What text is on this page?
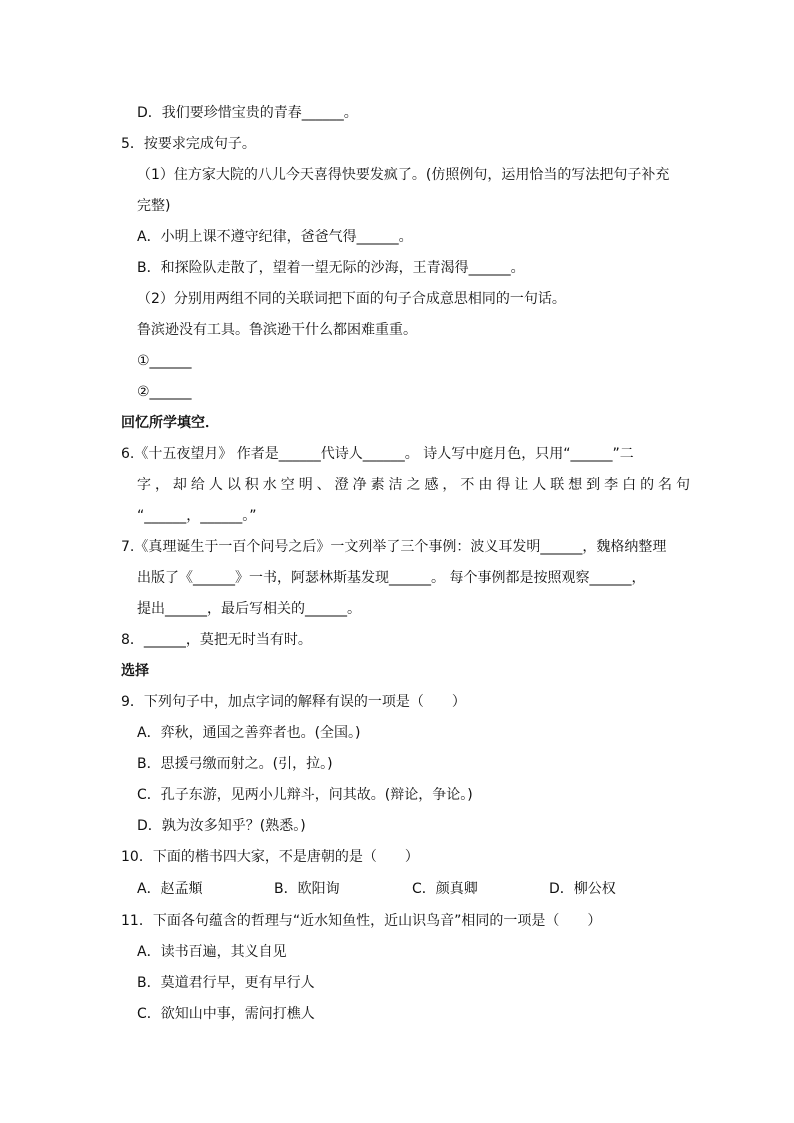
D．我们要珍惜宝贵的青春______。
5．按要求完成句子。
（1）住方家大院的八儿今天喜得快要发疯了。(仿照例句，运用恰当的写法把句子补充
完整)
A．小明上课不遵守纪律，爸爸气得______。
B．和探险队走散了，望着一望无际的沙海，王青渴得______。
（2）分别用两组不同的关联词把下面的句子合成意思相同的一句话。
鲁滨逊没有工具。鲁滨逊干什么都困难重重。
①______
②______
回忆所学填空．
6.《十五夜望月》 作者是______代诗人______。 诗人写中庭月色，只用“______”二
字，却给人以积水空明、澄净素洁之感，不由得让人联想到李白的名句
“______，______。”
7.《真理诞生于一百个问号之后》一文列举了三个事例：波义耳发明______，魏格纳整理
出版了《______》一书，阿瑟林斯基发现______。 每个事例都是按照观察______，
提出______，最后写相关的______。
8．______，莫把无时当有时。
选择
9．下列句子中，加点字词的解释有误的一项是（　　）
A．弈秋，通国之善弈者也。(全国。)
B．思援弓缴而射之。(引，拉。)
C．孔子东游，见两小儿辩斗，问其故。(辩论，争论。)
D．孰为汝多知乎？(熟悉。)
10．下面的楷书四大家，不是唐朝的是（　　）
A．赵孟頫	B．欧阳询	C．颜真卿	D．柳公权
11．下面各句蕴含的哲理与“近水知鱼性，近山识鸟音”相同的一项是（　　）
A．读书百遍，其义自见
B．莫道君行早，更有早行人
C．欲知山中事，需问打樵人
